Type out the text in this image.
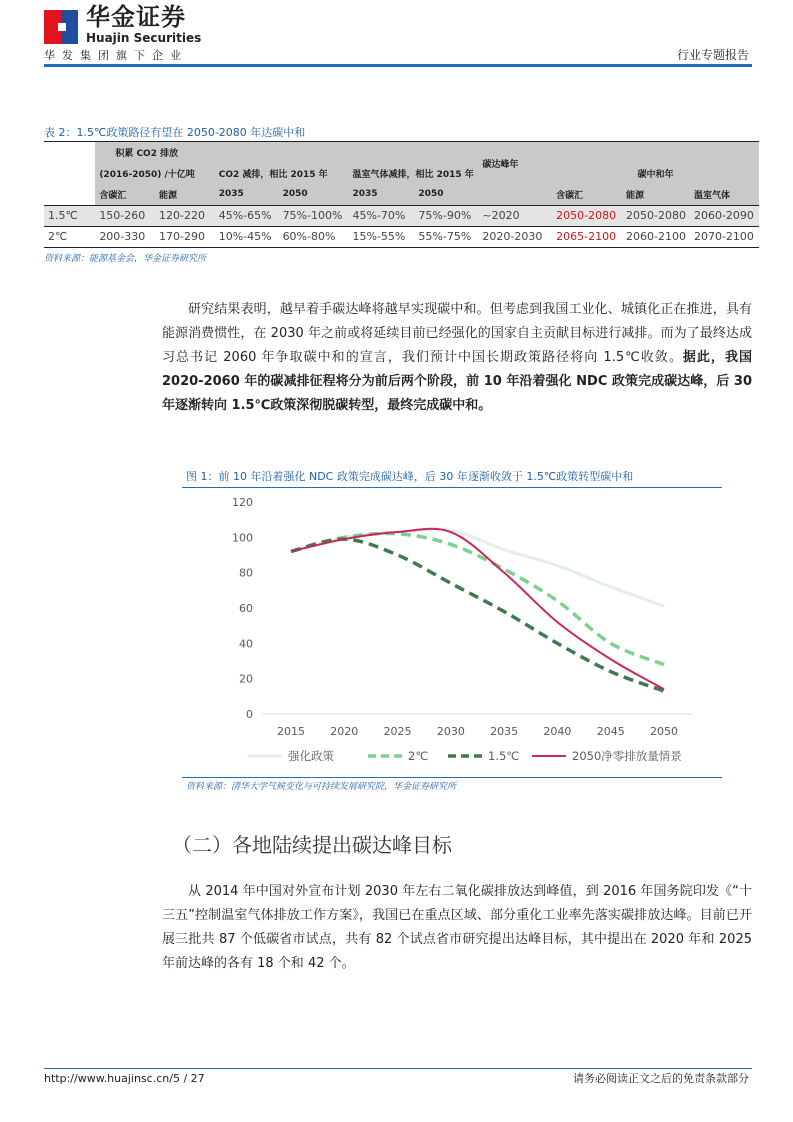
华金证券
Huajin Securities
华发集团旗下企业	行业专题报告
表 2：1.5℃政策路径有望在 2050-2080 年达碳中和
	积累 CO2 排放						碳达峰年			
	(2016-2050) /十亿吨		CO2 减排，相比 2015 年		温室气体减排，相比 2015 年			碳中和年		
	含碳汇	能源	2035	2050	2035	2050		含碳汇	能源	温室气体
1.5℃	150-260	120-220	45%-65%	75%-100%	45%-70%	75%-90%	~2020	2050-2080	2050-2080	2060-2090
2℃	200-330	170-290	10%-45%	60%-80%	15%-55%	55%-75%	2020-2030	2065-2100	2060-2100	2070-2100
资料来源：能源基金会，华金证券研究所
研究结果表明，越早着手碳达峰将越早实现碳中和。但考虑到我国工业化、城镇化正在推进，具有能源消费惯性，在 2030 年之前或将延续目前已经强化的国家自主贡献目标进行减排。而为了最终达成习总书记 2060 年争取碳中和的宣言，我们预计中国长期政策路径将向 1.5℃收敛。据此，我国 2020-2060 年的碳减排征程将分为前后两个阶段，前 10 年沿着强化 NDC 政策完成碳达峰，后 30 年逐渐转向 1.5℃政策深彻脱碳转型，最终完成碳中和。
图 1：前 10 年沿着强化 NDC 政策完成碳达峰，后 30 年逐渐收敛于 1.5℃政策转型碳中和
0
20
40
60
80
100
120
2015 2020 2025 2030 2035 2040 2045 2050
强化政策	2℃	1.5℃	2050净零排放量情景
资料来源：清华大学气候变化与可持续发展研究院，华金证券研究所
（二）各地陆续提出碳达峰目标
从 2014 年中国对外宣布计划 2030 年左右二氧化碳排放达到峰值，到 2016 年国务院印发《“十三五”控制温室气体排放工作方案》，我国已在重点区域、部分重化工业率先落实碳排放达峰。目前已开展三批共 87 个低碳省市试点，共有 82 个试点省市研究提出达峰目标，其中提出在 2020 年和 2025 年前达峰的各有 18 个和 42 个。
http://www.huajinsc.cn/5 / 27	请务必阅读正文之后的免责条款部分
